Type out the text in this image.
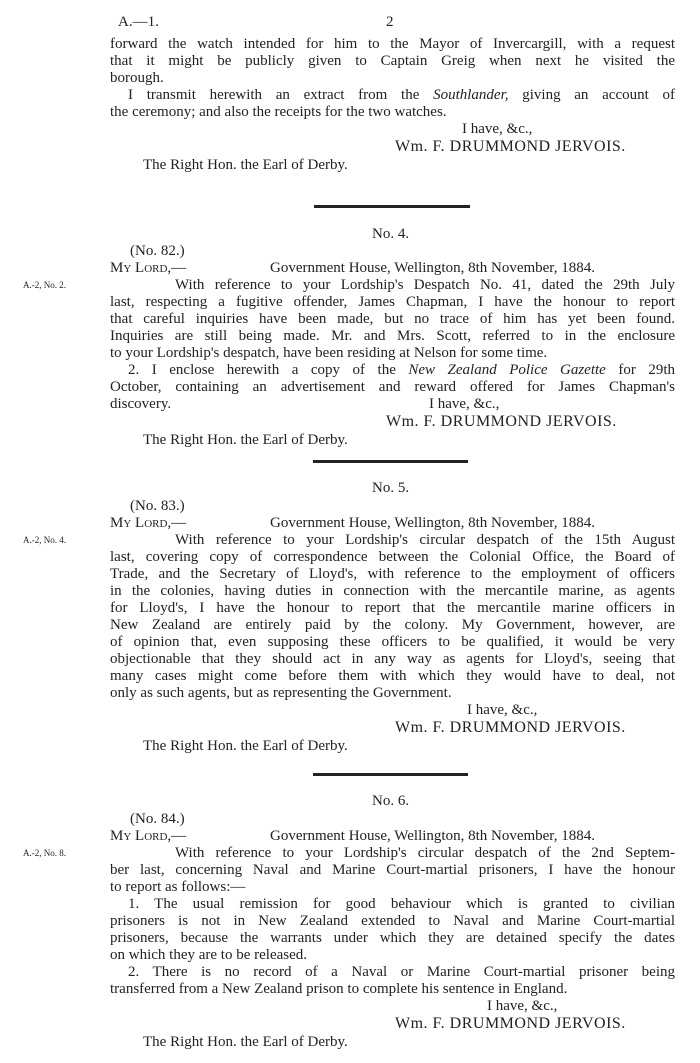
A.—1.	2
forward the watch intended for him to the Mayor of Invercargill, with a request
that it might be publicly given to Captain Greig when next he visited the
borough.
I transmit herewith an extract from the Southlander, giving an account of
the ceremony; and also the receipts for the two watches.
I have, &c.,
Wm. F. DRUMMOND JERVOIS.
The Right Hon. the Earl of Derby.
No. 4.
(No. 82.)
My Lord,—	Government House, Wellington, 8th November, 1884.
A.-2, No. 2.	With reference to your Lordship's Despatch No. 41, dated the 29th July
last, respecting a fugitive offender, James Chapman, I have the honour to report
that careful inquiries have been made, but no trace of him has yet been found.
Inquiries are still being made. Mr. and Mrs. Scott, referred to in the enclosure
to your Lordship's despatch, have been residing at Nelson for some time.
2. I enclose herewith a copy of the New Zealand Police Gazette for 29th
October, containing an advertisement and reward offered for James Chapman's
discovery.	I have, &c.,
Wm. F. DRUMMOND JERVOIS.
The Right Hon. the Earl of Derby.
No. 5.
(No. 83.)
My Lord,—	Government House, Wellington, 8th November, 1884.
A.-2, No. 4.	With reference to your Lordship's circular despatch of the 15th August
last, covering copy of correspondence between the Colonial Office, the Board of
Trade, and the Secretary of Lloyd's, with reference to the employment of officers
in the colonies, having duties in connection with the mercantile marine, as agents
for Lloyd's, I have the honour to report that the mercantile marine officers in
New Zealand are entirely paid by the colony. My Government, however, are
of opinion that, even supposing these officers to be qualified, it would be very
objectionable that they should act in any way as agents for Lloyd's, seeing that
many cases might come before them with which they would have to deal, not
only as such agents, but as representing the Government.
I have, &c.,
Wm. F. DRUMMOND JERVOIS.
The Right Hon. the Earl of Derby.
No. 6.
(No. 84.)
My Lord,—	Government House, Wellington, 8th November, 1884.
A.-2, No. 8.	With reference to your Lordship's circular despatch of the 2nd Septem-
ber last, concerning Naval and Marine Court-martial prisoners, I have the honour
to report as follows:—
1. The usual remission for good behaviour which is granted to civilian
prisoners is not in New Zealand extended to Naval and Marine Court-martial
prisoners, because the warrants under which they are detained specify the dates
on which they are to be released.
2. There is no record of a Naval or Marine Court-martial prisoner being
transferred from a New Zealand prison to complete his sentence in England.
I have, &c.,
Wm. F. DRUMMOND JERVOIS.
The Right Hon. the Earl of Derby.
